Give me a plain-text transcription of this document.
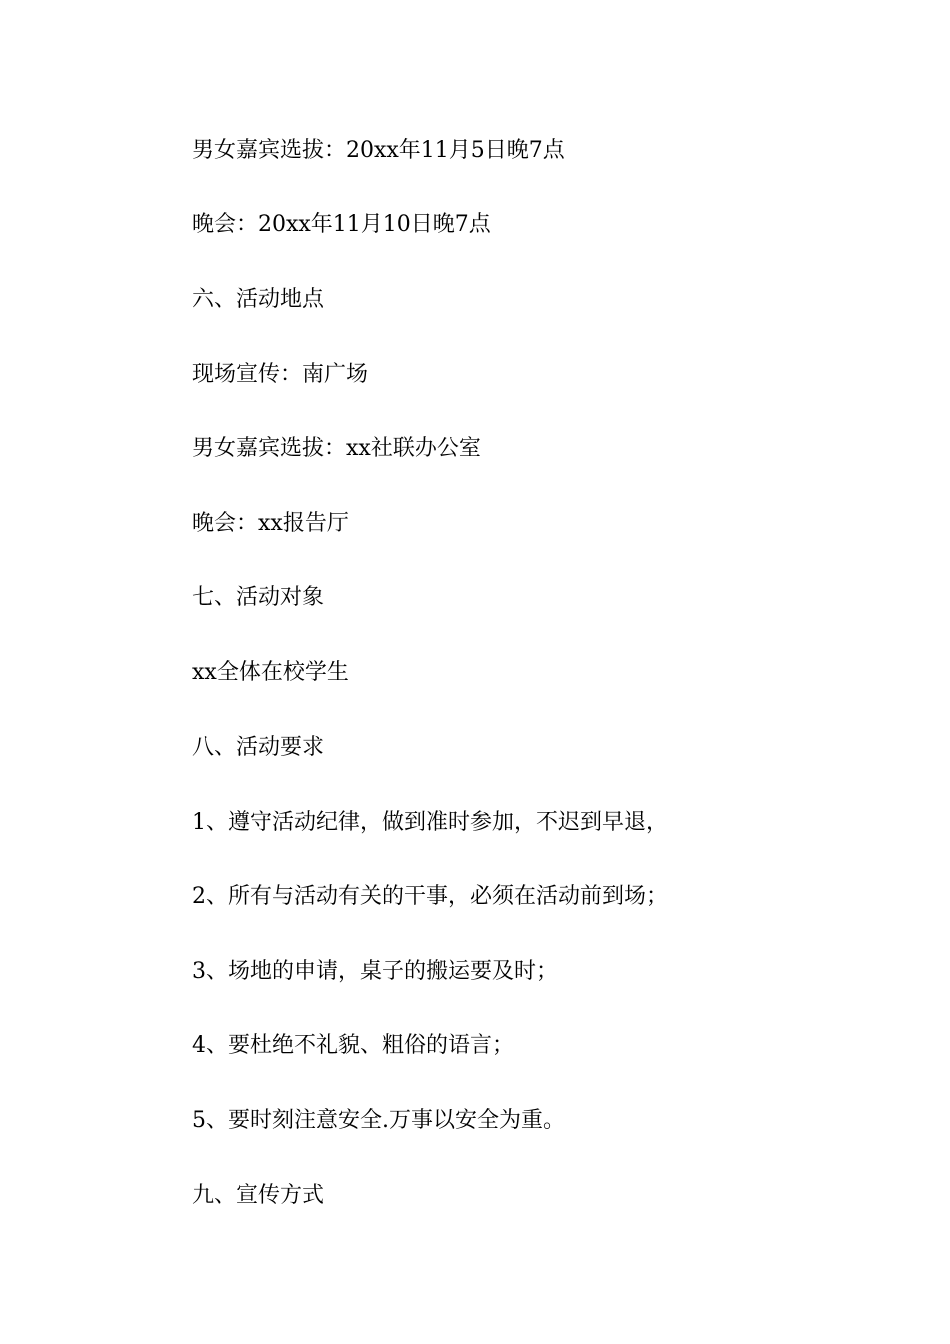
男女嘉宾选拔：20xx年11月5日晚7点

晚会：20xx年11月10日晚7点

六、活动地点

现场宣传：南广场

男女嘉宾选拔：xx社联办公室

晚会：xx报告厅

七、活动对象

xx全体在校学生

八、活动要求

1、遵守活动纪律，做到准时参加，不迟到早退，

2、所有与活动有关的干事，必须在活动前到场；

3、场地的申请，桌子的搬运要及时；

4、要杜绝不礼貌、粗俗的语言；

5、要时刻注意安全.万事以安全为重。

九、宣传方式
